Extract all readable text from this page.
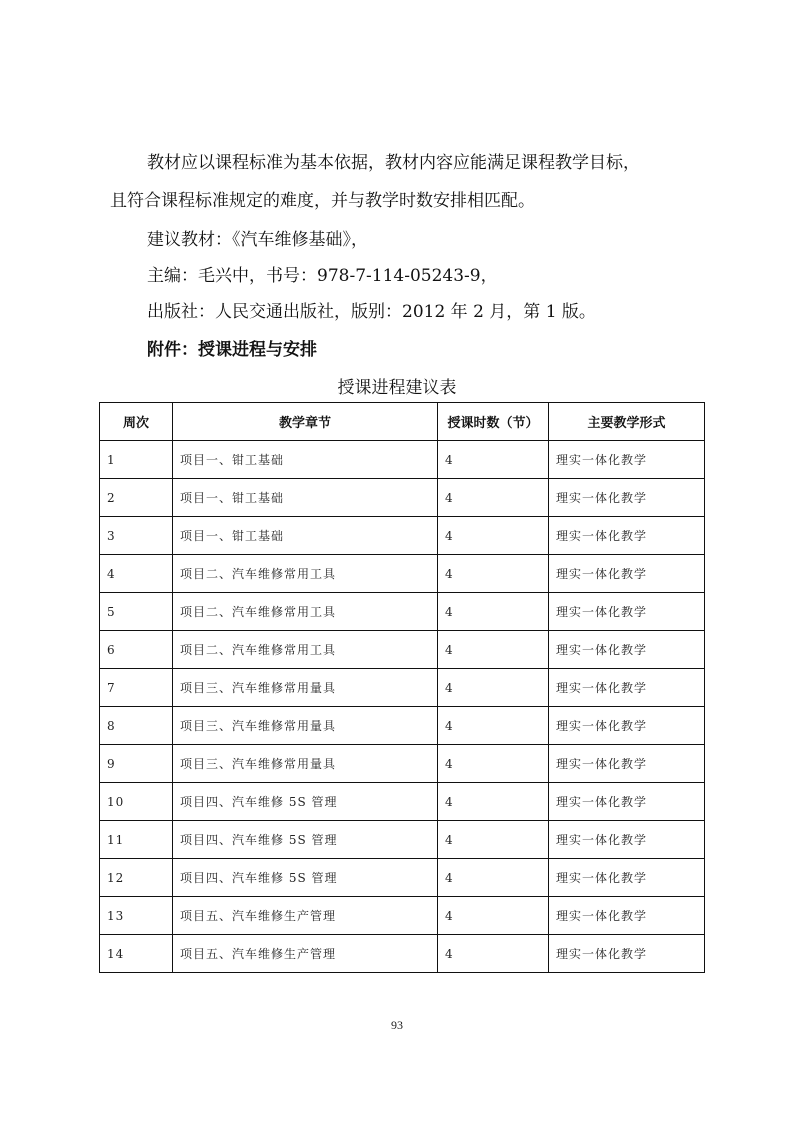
教材应以课程标准为基本依据，教材内容应能满足课程教学目标，
且符合课程标准规定的难度，并与教学时数安排相匹配。
建议教材：《汽车维修基础》，
主编：毛兴中，书号：978-7-114-05243-9，
出版社：人民交通出版社，版别：2012 年 2 月，第 1 版。
附件：授课进程与安排
授课进程建议表
周次	教学章节	授课时数（节）	主要教学形式
1	项目一、钳工基础	4	理实一体化教学
2	项目一、钳工基础	4	理实一体化教学
3	项目一、钳工基础	4	理实一体化教学
4	项目二、汽车维修常用工具	4	理实一体化教学
5	项目二、汽车维修常用工具	4	理实一体化教学
6	项目二、汽车维修常用工具	4	理实一体化教学
7	项目三、汽车维修常用量具	4	理实一体化教学
8	项目三、汽车维修常用量具	4	理实一体化教学
9	项目三、汽车维修常用量具	4	理实一体化教学
10	项目四、汽车维修 5S 管理	4	理实一体化教学
11	项目四、汽车维修 5S 管理	4	理实一体化教学
12	项目四、汽车维修 5S 管理	4	理实一体化教学
13	项目五、汽车维修生产管理	4	理实一体化教学
14	项目五、汽车维修生产管理	4	理实一体化教学
93
